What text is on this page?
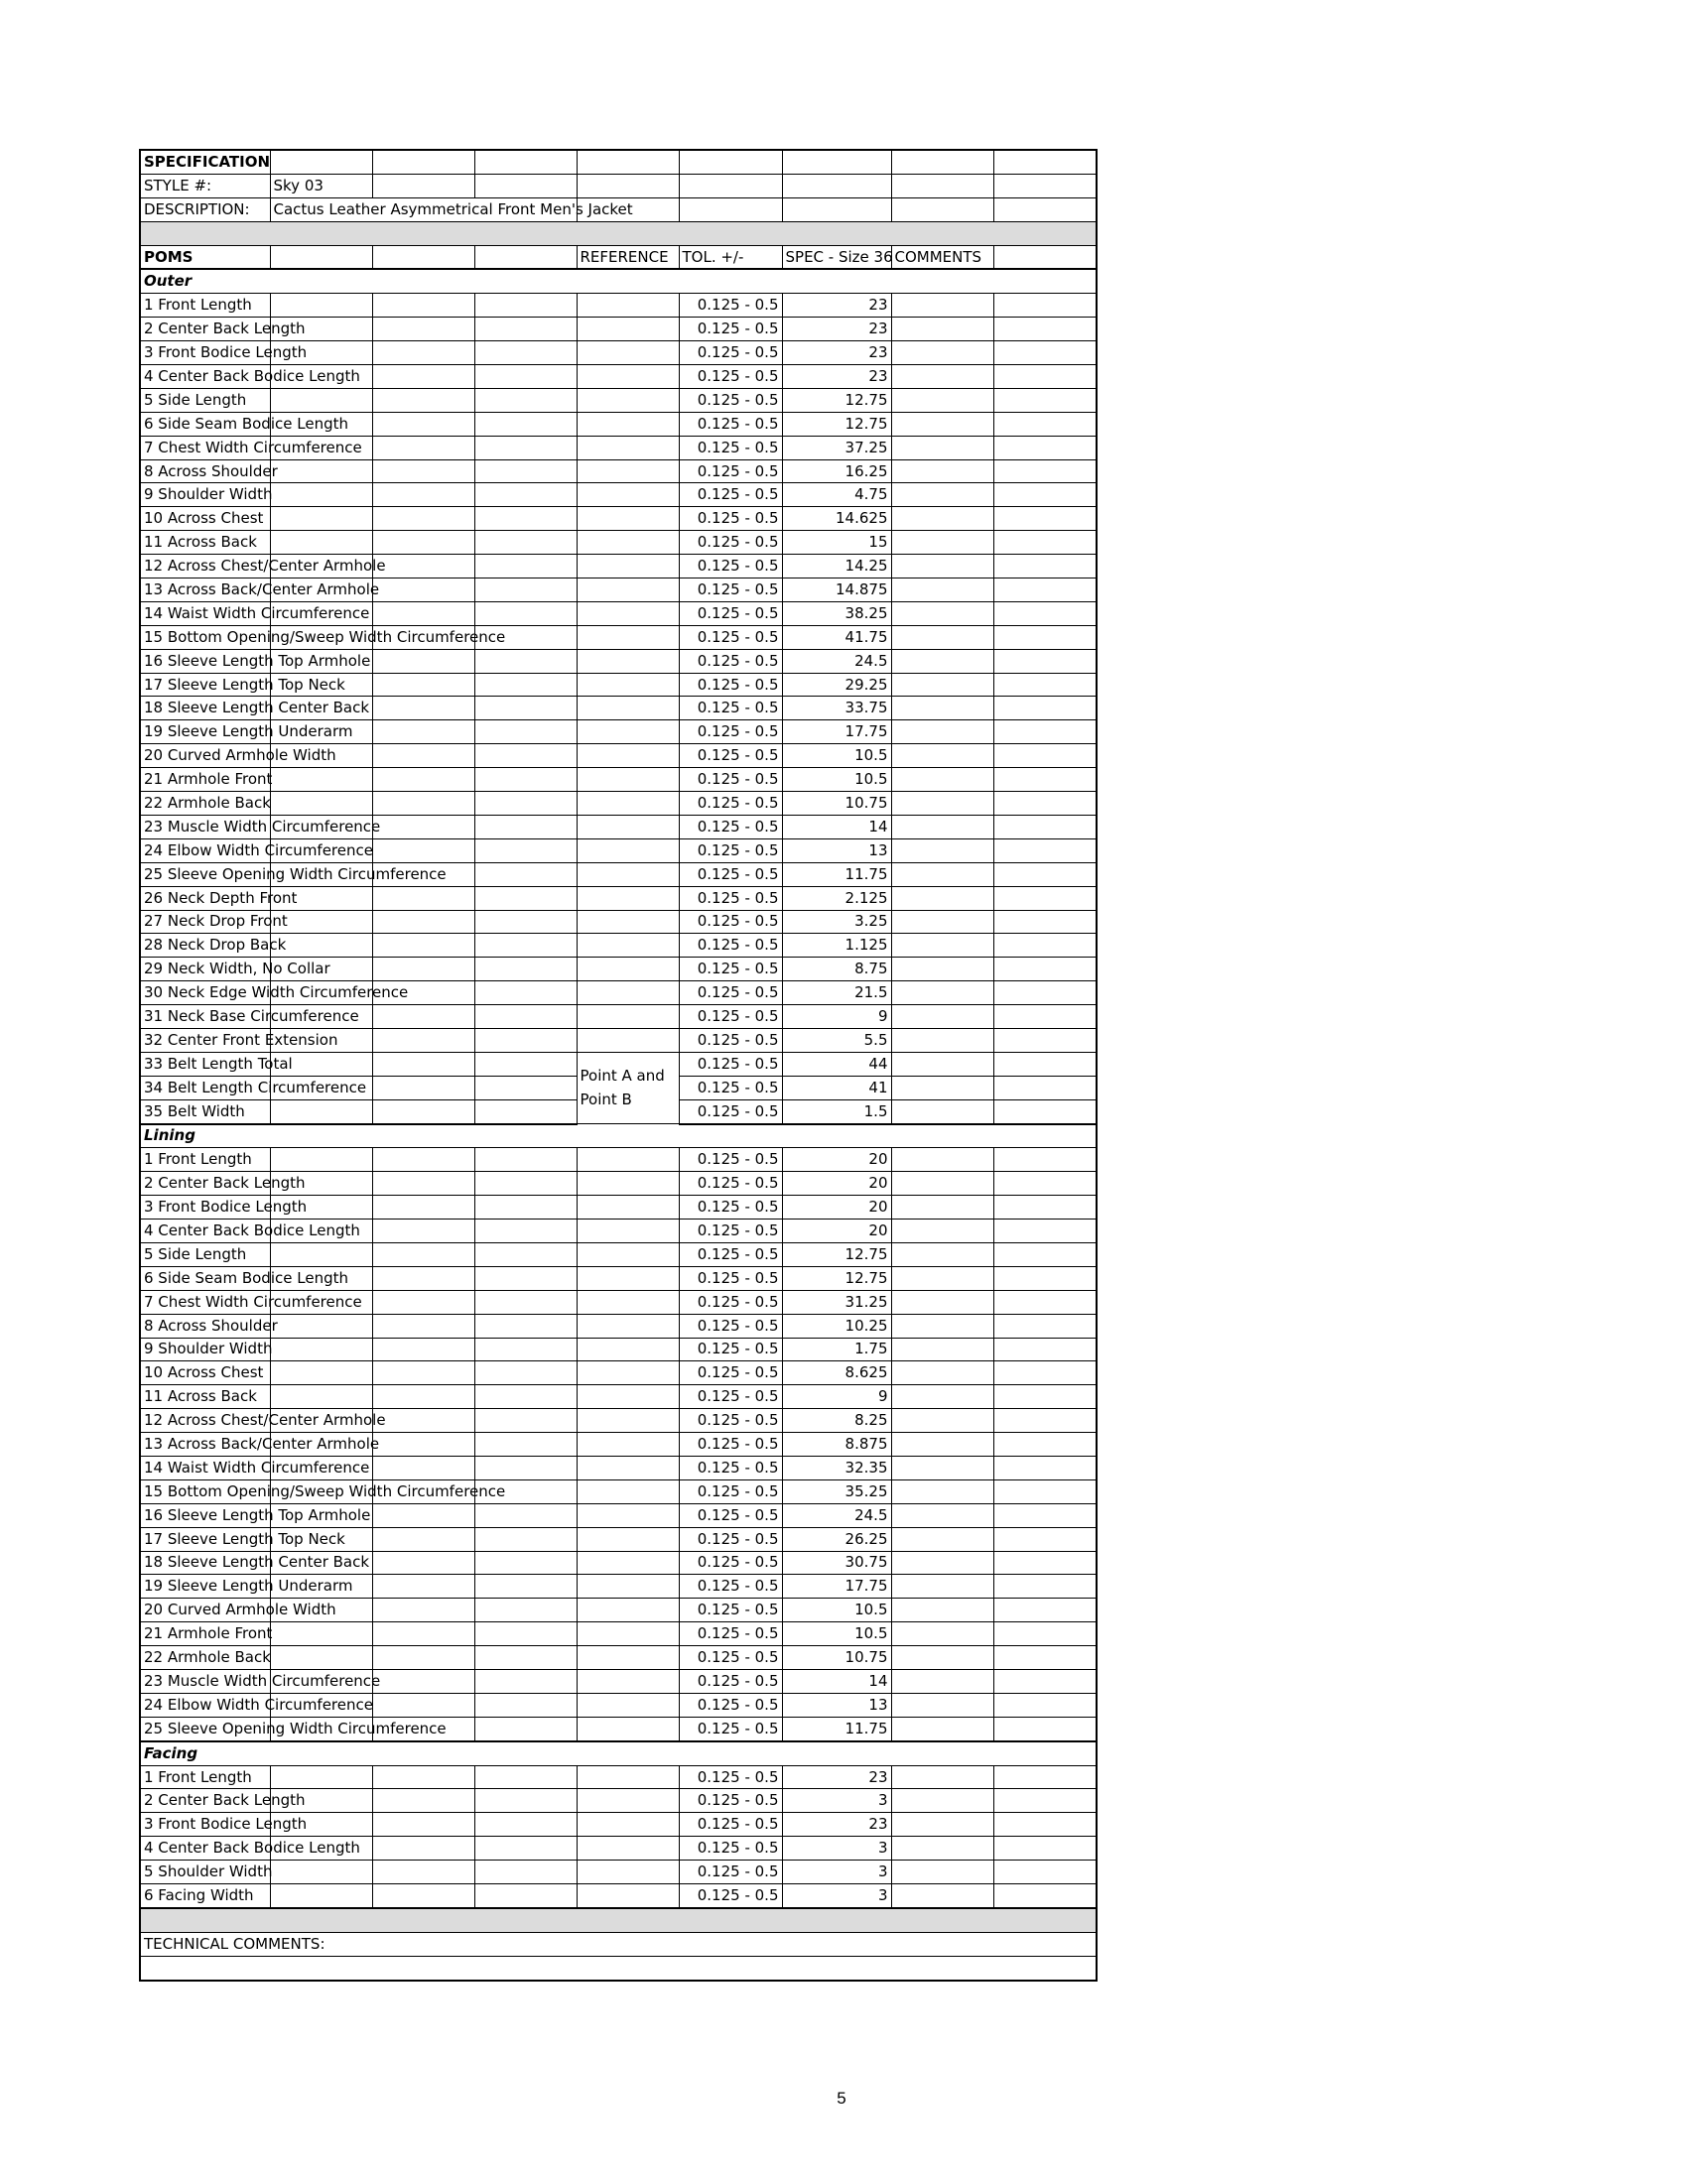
SPECIFICATION								
STYLE #:	Sky 03							
DESCRIPTION:	Cactus Leather Asymmetrical Front Men's Jacket							

POMS				REFERENCE	TOL. +/-	SPEC - Size 36	COMMENTS	
Outer								
1 Front Length					0.125 - 0.5	23		
2 Center Back Length					0.125 - 0.5	23		
3 Front Bodice Length					0.125 - 0.5	23		
4 Center Back Bodice Length					0.125 - 0.5	23		
5 Side Length					0.125 - 0.5	12.75		
6 Side Seam Bodice Length					0.125 - 0.5	12.75		
7 Chest Width Circumference					0.125 - 0.5	37.25		
8 Across Shoulder					0.125 - 0.5	16.25		
9 Shoulder Width					0.125 - 0.5	4.75		
10 Across Chest					0.125 - 0.5	14.625		
11 Across Back					0.125 - 0.5	15		
12 Across Chest/Center Armhole					0.125 - 0.5	14.25		
13 Across Back/Center Armhole					0.125 - 0.5	14.875		
14 Waist Width Circumference					0.125 - 0.5	38.25		
15 Bottom Opening/Sweep Width Circumference					0.125 - 0.5	41.75		
16 Sleeve Length Top Armhole					0.125 - 0.5	24.5		
17 Sleeve Length Top Neck					0.125 - 0.5	29.25		
18 Sleeve Length Center Back					0.125 - 0.5	33.75		
19 Sleeve Length Underarm					0.125 - 0.5	17.75		
20 Curved Armhole Width					0.125 - 0.5	10.5		
21 Armhole Front					0.125 - 0.5	10.5		
22 Armhole Back					0.125 - 0.5	10.75		
23 Muscle Width Circumference					0.125 - 0.5	14		
24 Elbow Width Circumference					0.125 - 0.5	13		
25 Sleeve Opening Width Circumference					0.125 - 0.5	11.75		
26 Neck Depth Front					0.125 - 0.5	2.125		
27 Neck Drop Front					0.125 - 0.5	3.25		
28 Neck Drop Back					0.125 - 0.5	1.125		
29 Neck Width, No Collar					0.125 - 0.5	8.75		
30 Neck Edge Width Circumference					0.125 - 0.5	21.5		
31 Neck Base Circumference					0.125 - 0.5	9		
32 Center Front Extension					0.125 - 0.5	5.5		
33 Belt Length Total				Point A and Point B	0.125 - 0.5	44		
34 Belt Length Circumference					0.125 - 0.5	41		
35 Belt Width					0.125 - 0.5	1.5		
Lining								
1 Front Length					0.125 - 0.5	20		
2 Center Back Length					0.125 - 0.5	20		
3 Front Bodice Length					0.125 - 0.5	20		
4 Center Back Bodice Length					0.125 - 0.5	20		
5 Side Length					0.125 - 0.5	12.75		
6 Side Seam Bodice Length					0.125 - 0.5	12.75		
7 Chest Width Circumference					0.125 - 0.5	31.25		
8 Across Shoulder					0.125 - 0.5	10.25		
9 Shoulder Width					0.125 - 0.5	1.75		
10 Across Chest					0.125 - 0.5	8.625		
11 Across Back					0.125 - 0.5	9		
12 Across Chest/Center Armhole					0.125 - 0.5	8.25		
13 Across Back/Center Armhole					0.125 - 0.5	8.875		
14 Waist Width Circumference					0.125 - 0.5	32.35		
15 Bottom Opening/Sweep Width Circumference					0.125 - 0.5	35.25		
16 Sleeve Length Top Armhole					0.125 - 0.5	24.5		
17 Sleeve Length Top Neck					0.125 - 0.5	26.25		
18 Sleeve Length Center Back					0.125 - 0.5	30.75		
19 Sleeve Length Underarm					0.125 - 0.5	17.75		
20 Curved Armhole Width					0.125 - 0.5	10.5		
21 Armhole Front					0.125 - 0.5	10.5		
22 Armhole Back					0.125 - 0.5	10.75		
23 Muscle Width Circumference					0.125 - 0.5	14		
24 Elbow Width Circumference					0.125 - 0.5	13		
25 Sleeve Opening Width Circumference					0.125 - 0.5	11.75		
Facing								
1 Front Length					0.125 - 0.5	23		
2 Center Back Length					0.125 - 0.5	3		
3 Front Bodice Length					0.125 - 0.5	23		
4 Center Back Bodice Length					0.125 - 0.5	3		
5 Shoulder Width					0.125 - 0.5	3		
6 Facing Width					0.125 - 0.5	3		

TECHNICAL COMMENTS:								

5
